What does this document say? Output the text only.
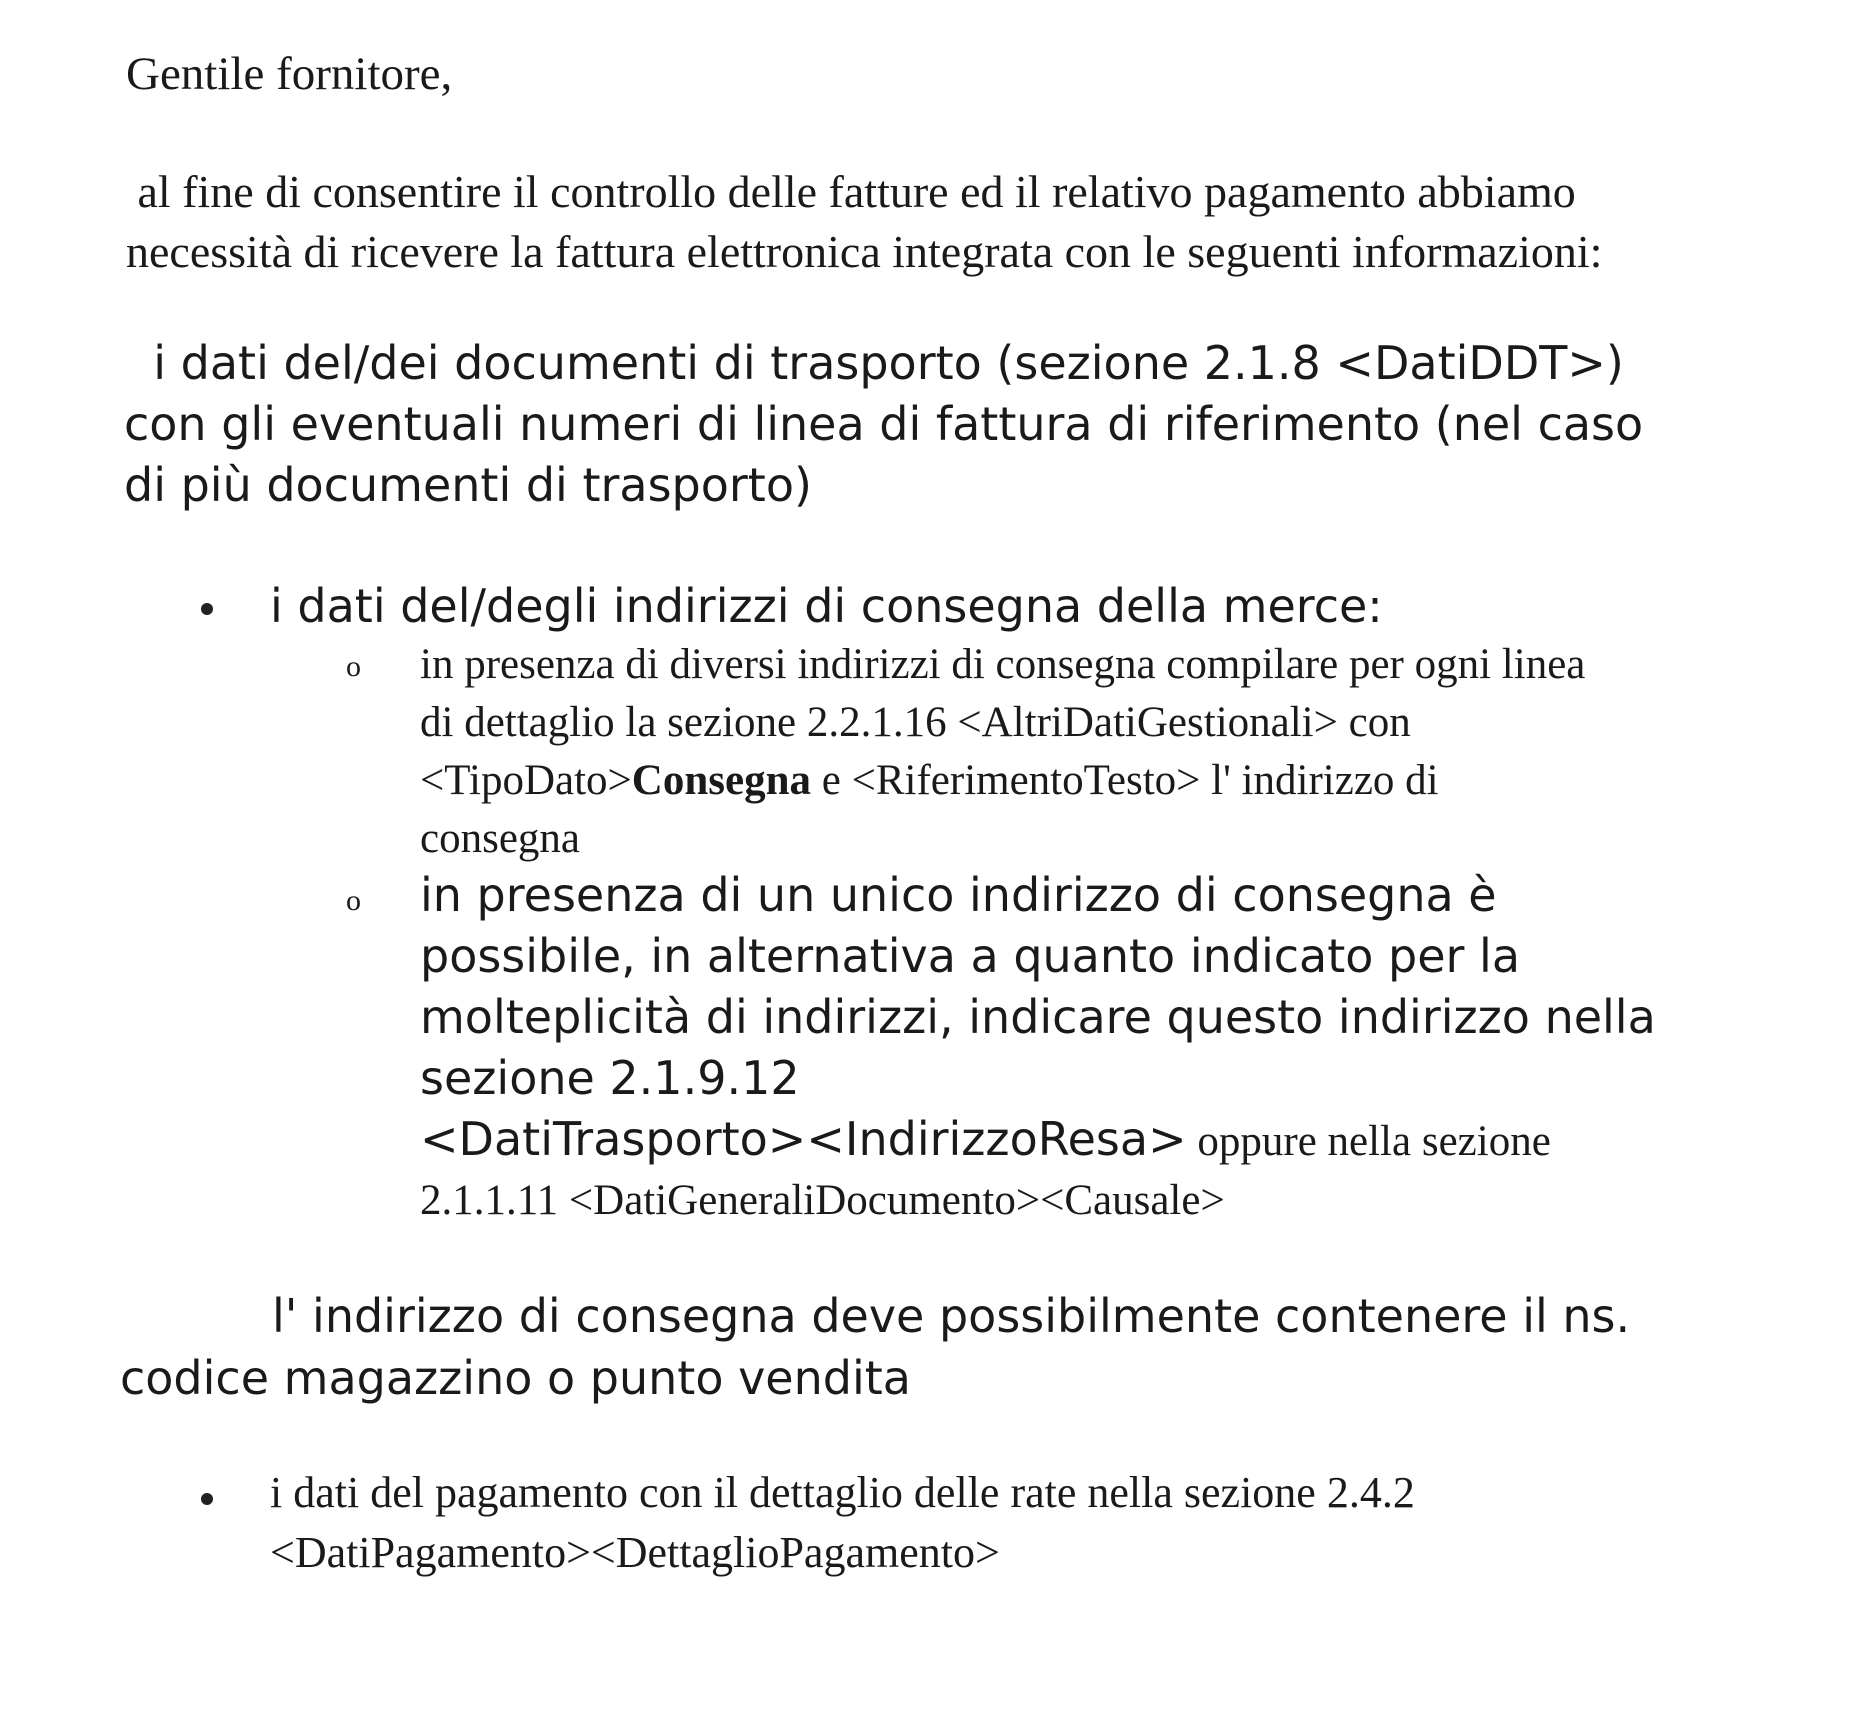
Gentile fornitore,

al fine di consentire il controllo delle fatture ed il relativo pagamento abbiamo
necessità di ricevere la fattura elettronica integrata con le seguenti informazioni:
i dati del/dei documenti di trasporto (sezione 2.1.8 <DatiDDT>)
con gli eventuali numeri di linea di fattura di riferimento (nel caso
di più documenti di trasporto)

i dati del/degli indirizzi di consegna della merce:

o in presenza di diversi indirizzi di consegna compilare per ogni linea
di dettaglio la sezione 2.2.1.16 <AltriDatiGestionali> con
<TipoDato>Consegna e <RiferimentoTesto> l' indirizzo di
consegna
o in presenza di un unico indirizzo di consegna è
possibile, in alternativa a quanto indicato per la
molteplicità di indirizzi, indicare questo indirizzo nella
sezione 2.1.9.12
<DatiTrasporto><IndirizzoResa> oppure nella sezione
2.1.1.11 <DatiGeneraliDocumento><Causale>
l' indirizzo di consegna deve possibilmente contenere il ns.
codice magazzino o punto vendita
i dati del pagamento con il dettaglio delle rate nella sezione 2.4.2
<DatiPagamento><DettaglioPagamento>
